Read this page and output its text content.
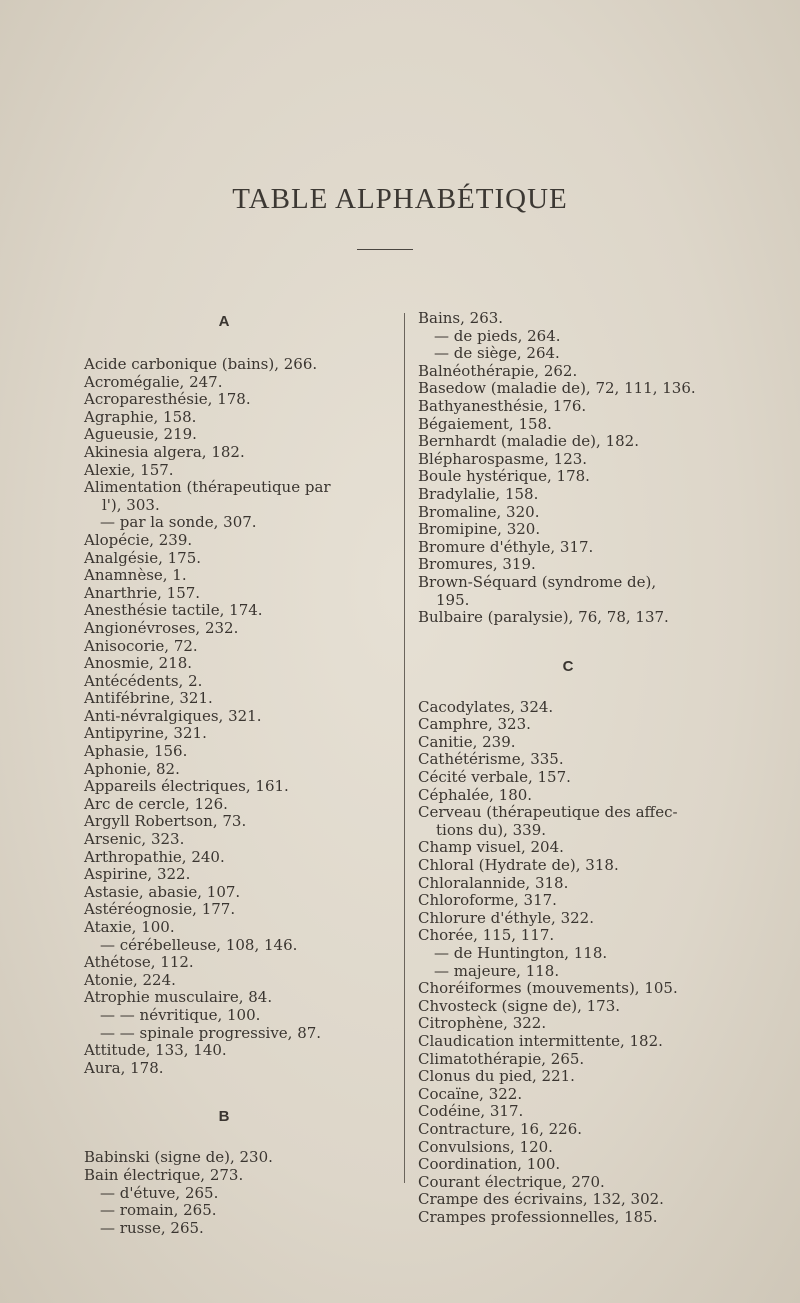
TABLE ALPHABÉTIQUE
A
Acide carbonique (bains), 266.
Acromégalie, 247.
Acroparesthésie, 178.
Agraphie, 158.
Agueusie, 219.
Akinesia algera, 182.
Alexie, 157.
Alimentation (thérapeutique par
l'), 303.
— par la sonde, 307.
Alopécie, 239.
Analgésie, 175.
Anamnèse, 1.
Anarthrie, 157.
Anesthésie tactile, 174.
Angionévroses, 232.
Anisocorie, 72.
Anosmie, 218.
Antécédents, 2.
Antifébrine, 321.
Anti-névralgiques, 321.
Antipyrine, 321.
Aphasie, 156.
Aphonie, 82.
Appareils électriques, 161.
Arc de cercle, 126.
Argyll Robertson, 73.
Arsenic, 323.
Arthropathie, 240.
Aspirine, 322.
Astasie, abasie, 107.
Astéréognosie, 177.
Ataxie, 100.
— cérébelleuse, 108, 146.
Athétose, 112.
Atonie, 224.
Atrophie musculaire, 84.
— — névritique, 100.
— — spinale progressive, 87.
Attitude, 133, 140.
Aura, 178.
B
Babinski (signe de), 230.
Bain électrique, 273.
— d'étuve, 265.
— romain, 265.
— russe, 265.
Bains, 263.
— de pieds, 264.
— de siège, 264.
Balnéothérapie, 262.
Basedow (maladie de), 72, 111, 136.
Bathyanesthésie, 176.
Bégaiement, 158.
Bernhardt (maladie de), 182.
Blépharospasme, 123.
Boule hystérique, 178.
Bradylalie, 158.
Bromaline, 320.
Bromipine, 320.
Bromure d'éthyle, 317.
Bromures, 319.
Brown-Séquard (syndrome de),
195.
Bulbaire (paralysie), 76, 78, 137.
C
Cacodylates, 324.
Camphre, 323.
Canitie, 239.
Cathétérisme, 335.
Cécité verbale, 157.
Céphalée, 180.
Cerveau (thérapeutique des affec-
tions du), 339.
Champ visuel, 204.
Chloral (Hydrate de), 318.
Chloralannide, 318.
Chloroforme, 317.
Chlorure d'éthyle, 322.
Chorée, 115, 117.
— de Huntington, 118.
— majeure, 118.
Choréiformes (mouvements), 105.
Chvosteck (signe de), 173.
Citrophène, 322.
Claudication intermittente, 182.
Climatothérapie, 265.
Clonus du pied, 221.
Cocaïne, 322.
Codéine, 317.
Contracture, 16, 226.
Convulsions, 120.
Coordination, 100.
Courant électrique, 270.
Crampe des écrivains, 132, 302.
Crampes professionnelles, 185.
